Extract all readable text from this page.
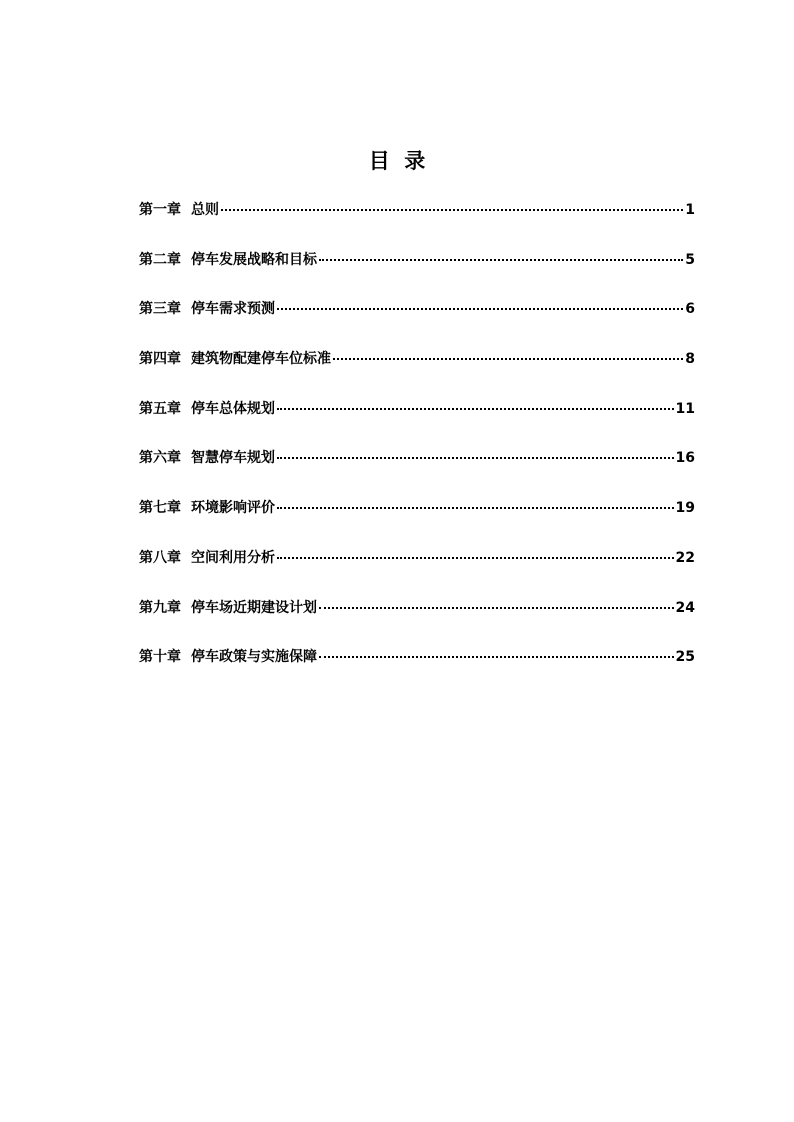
目  录
第一章 总则	1
第二章 停车发展战略和目标	5
第三章 停车需求预测	6
第四章 建筑物配建停车位标准	8
第五章 停车总体规划	11
第六章 智慧停车规划	16
第七章 环境影响评价	19
第八章 空间利用分析	22
第九章 停车场近期建设计划	24
第十章 停车政策与实施保障	25
